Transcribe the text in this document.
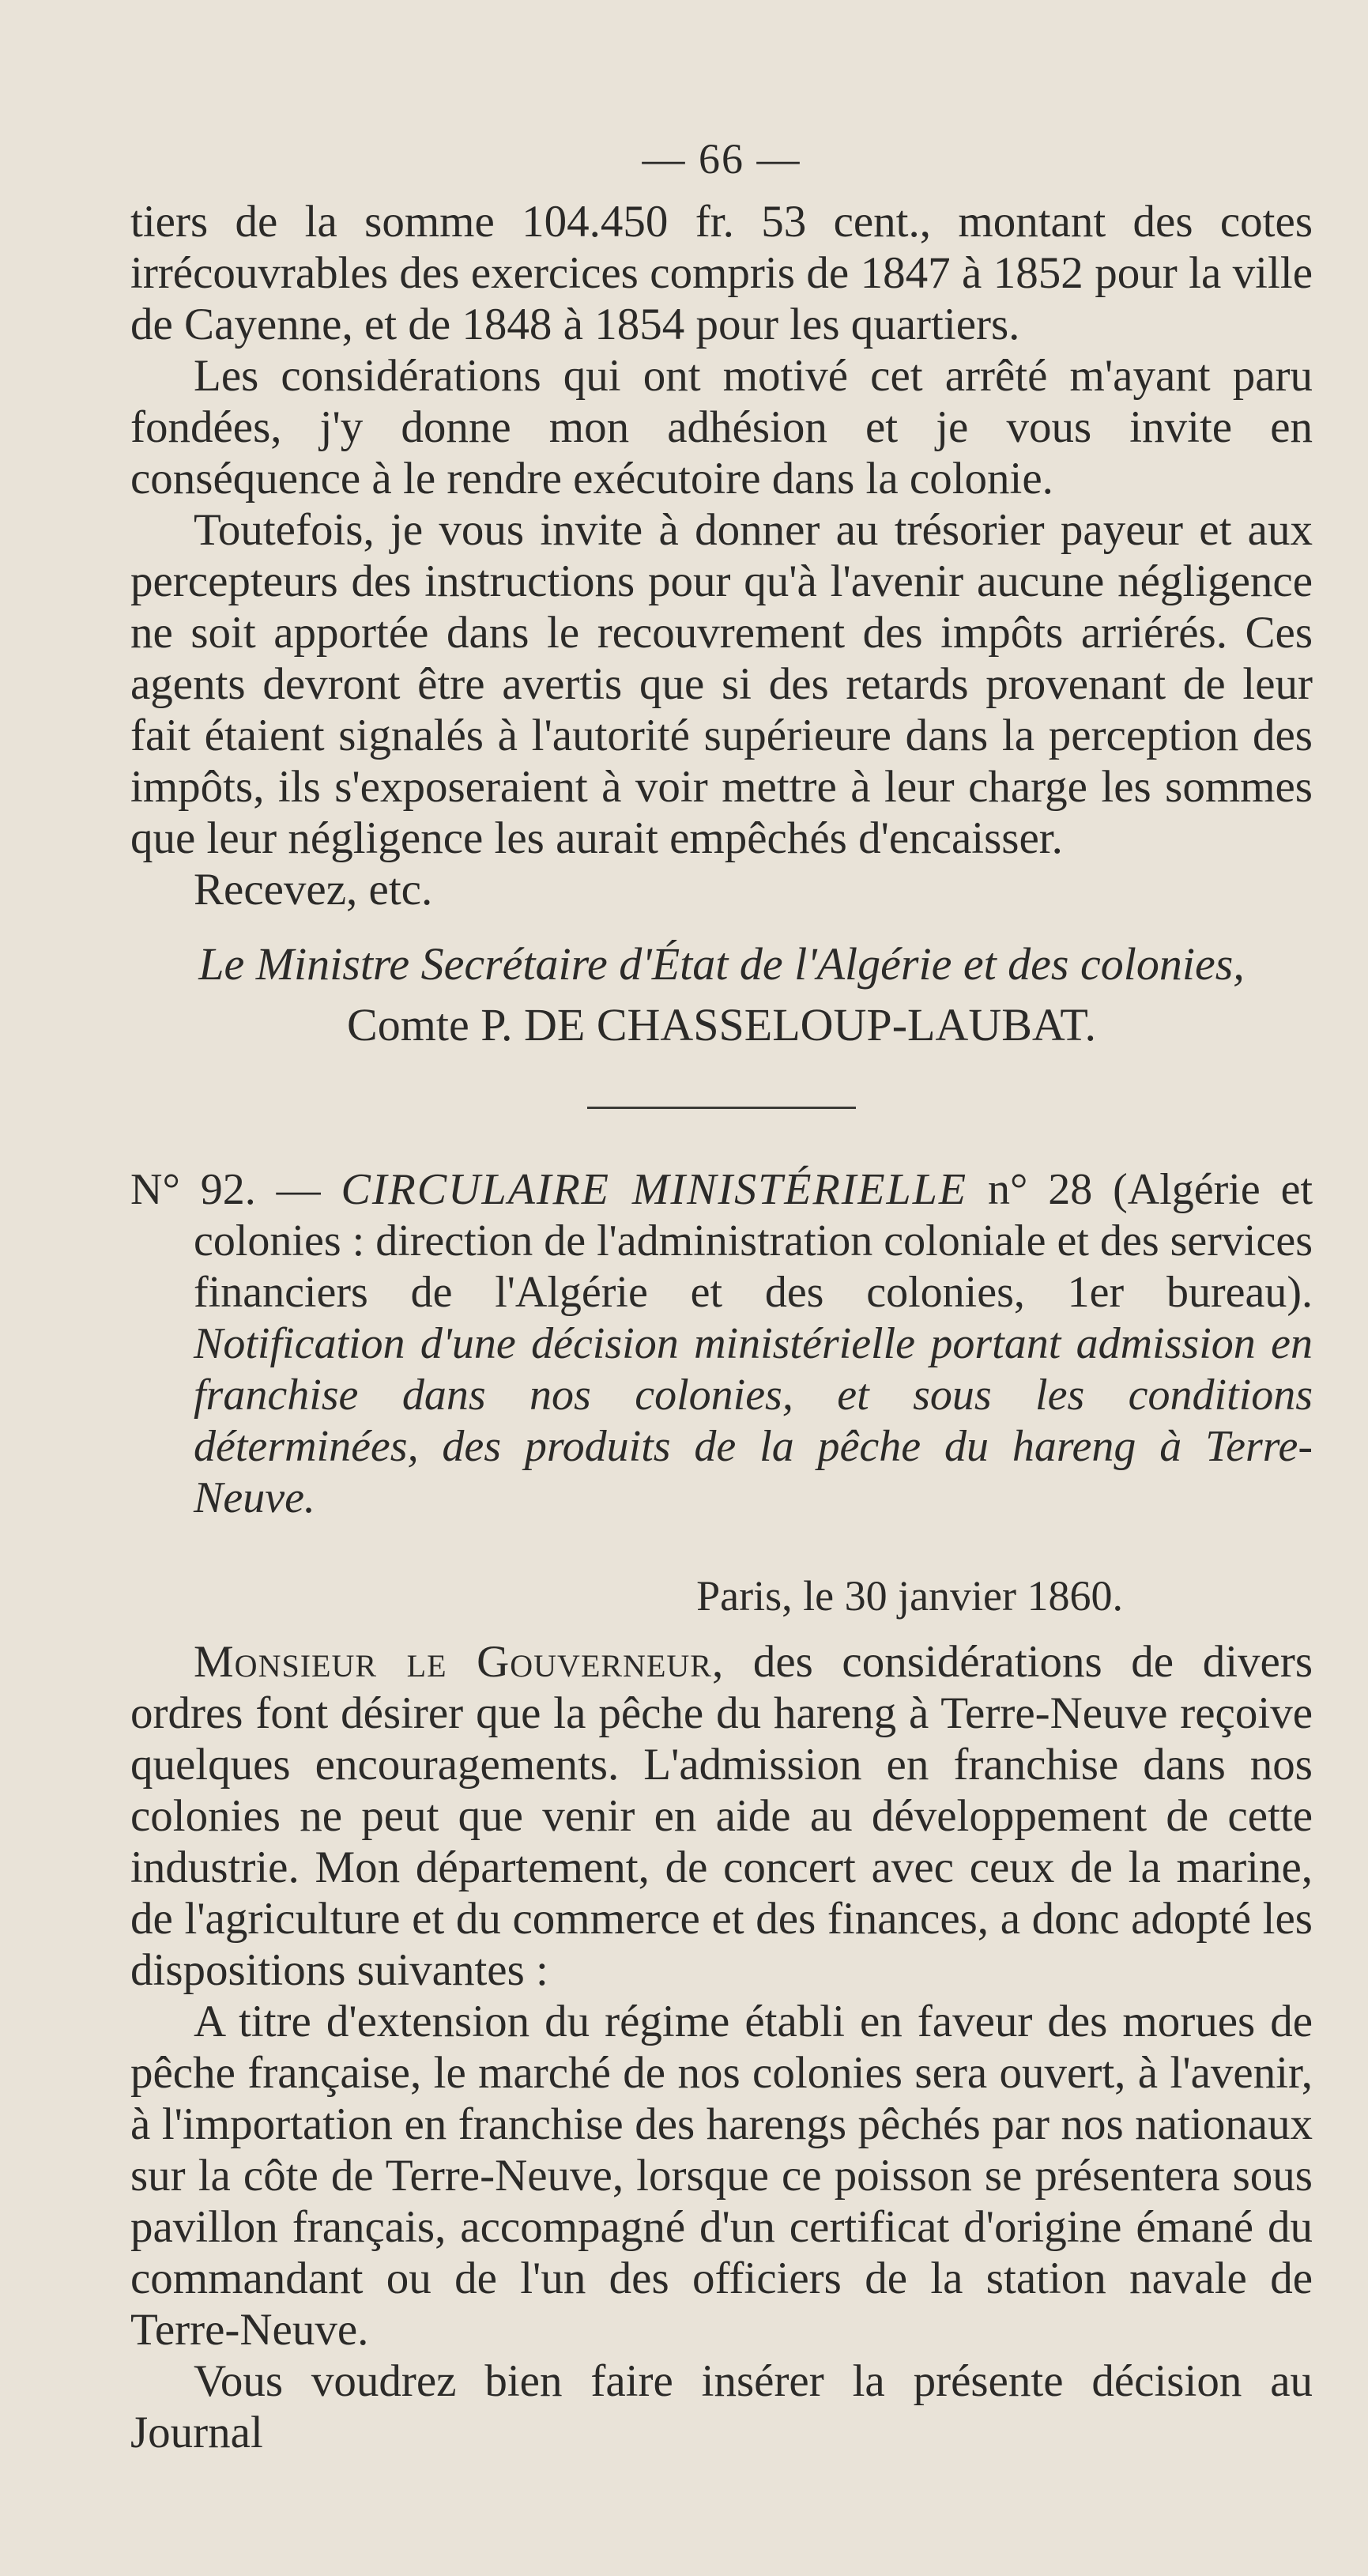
— 66 —

tiers de la somme 104.450 fr. 53 cent., montant des cotes irrécouvrables des exercices compris de 1847 à 1852 pour la ville de Cayenne, et de 1848 à 1854 pour les quartiers.

Les considérations qui ont motivé cet arrêté m'ayant paru fondées, j'y donne mon adhésion et je vous invite en conséquence à le rendre exécutoire dans la colonie.

Toutefois, je vous invite à donner au trésorier payeur et aux percepteurs des instructions pour qu'à l'avenir aucune négligence ne soit apportée dans le recouvrement des impôts arriérés. Ces agents devront être avertis que si des retards provenant de leur fait étaient signalés à l'autorité supérieure dans la perception des impôts, ils s'exposeraient à voir mettre à leur charge les sommes que leur négligence les aurait empêchés d'encaisser.

Recevez, etc.

Le Ministre Secrétaire d'État de l'Algérie et des colonies,
Comte P. DE CHASSELOUP-LAUBAT.

N° 92. — CIRCULAIRE MINISTÉRIELLE n° 28 (Algérie et colonies : direction de l'administration coloniale et des services financiers de l'Algérie et des colonies, 1er bureau). Notification d'une décision ministérielle portant admission en franchise dans nos colonies, et sous les conditions déterminées, des produits de la pêche du hareng à Terre-Neuve.

Paris, le 30 janvier 1860.

Monsieur le Gouverneur, des considérations de divers ordres font désirer que la pêche du hareng à Terre-Neuve reçoive quelques encouragements. L'admission en franchise dans nos colonies ne peut que venir en aide au développement de cette industrie. Mon département, de concert avec ceux de la marine, de l'agriculture et du commerce et des finances, a donc adopté les dispositions suivantes :

A titre d'extension du régime établi en faveur des morues de pêche française, le marché de nos colonies sera ouvert, à l'avenir, à l'importation en franchise des harengs pêchés par nos nationaux sur la côte de Terre-Neuve, lorsque ce poisson se présentera sous pavillon français, accompagné d'un certificat d'origine émané du commandant ou de l'un des officiers de la station navale de Terre-Neuve.

Vous voudrez bien faire insérer la présente décision au Journal
